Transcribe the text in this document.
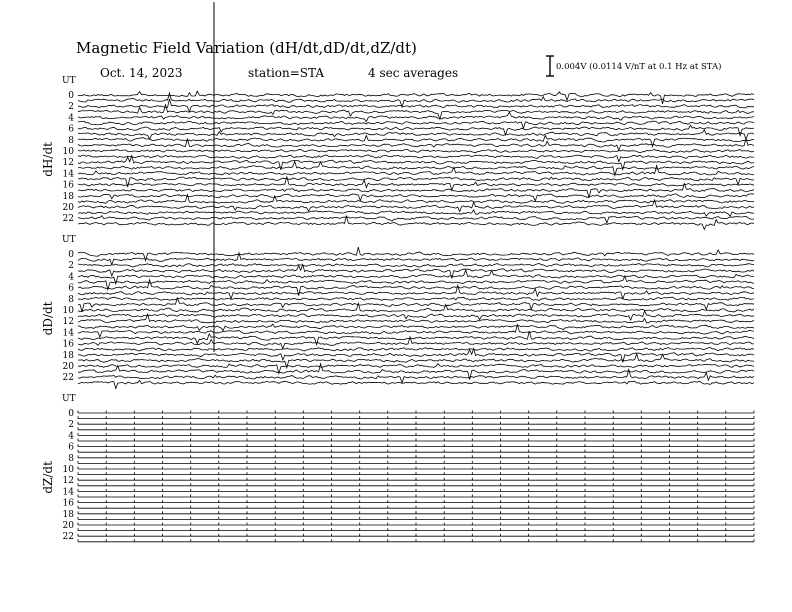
Magnetic Field Variation (dH/dt,dD/dt,dZ/dt)
Oct. 14, 2023	station=STA	4 sec averages	0.004V (0.0114 V/nT at 0.1 Hz at STA)
UT
dH/dt
0
2
4
6
8
10
12
14
16
18
20
22
UT
dD/dt
0
2
4
6
8
10
12
14
16
18
20
22
UT
dZ/dt
0
2
4
6
8
10
12
14
16
18
20
22
